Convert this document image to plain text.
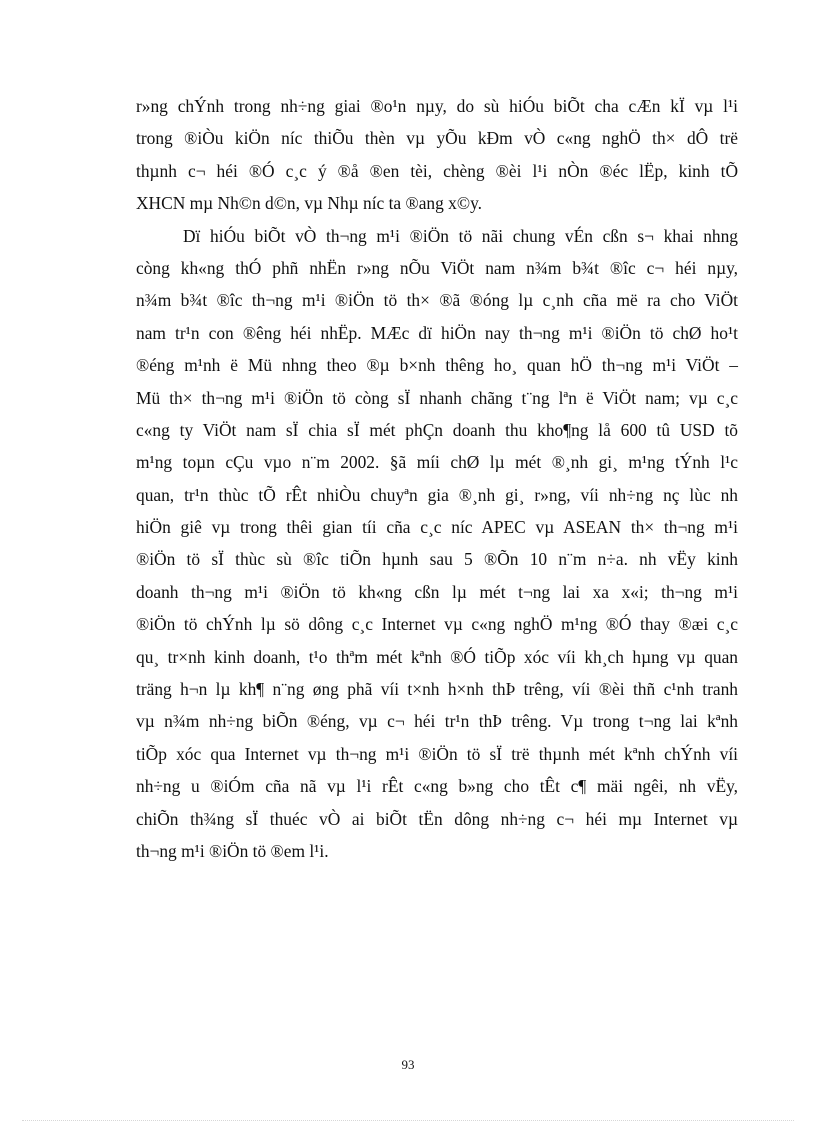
r»ng chÝnh trong nh÷ng giai ®o¹n nµy, do sù hiÓu biÕt cha cÆn kÏ vµ l¹i
trong ®iÒu kiÖn níc thiÕu thèn vµ yÕu kÐm vÒ c«ng nghÖ th× dÔ trë
thµnh c¬ héi ®Ó c¸c ý ®å ®en tèi, chèng ®èi l¹i nÒn ®éc lËp, kinh tÕ
XHCN mµ Nh©n d©n, vµ Nhµ níc ta ®ang x©y.
Dï hiÓu biÕt vÒ th¬ng m¹i ®iÖn tö nãi chung vÉn cßn s¬ khai nhng
còng kh«ng thÓ phñ nhËn r»ng nÕu ViÖt nam n¾m b¾t ®îc c¬ héi nµy,
n¾m b¾t ®îc th¬ng m¹i ®iÖn tö th× ®ã ®óng lµ c¸nh cña më ra cho ViÖt
nam tr¹n con ®êng héi nhËp. MÆc dï hiÖn nay th¬ng m¹i ®iÖn tö chØ ho¹t
®éng m¹nh ë Mü nhng theo ®µ b×nh thêng ho¸ quan hÖ th¬ng m¹i ViÖt –
Mü th× th¬ng m¹i ®iÖn tö còng sÏ nhanh chãng t¨ng lªn ë ViÖt nam; vµ c¸c
c«ng ty ViÖt nam sÏ chia sÏ mét phÇn doanh thu kho¶ng lå 600 tû USD tõ
m¹ng toµn cÇu vµo n¨m 2002. §ã míi chØ lµ mét ®¸nh gi¸ m¹ng tÝnh l¹c
quan, tr¹n thùc tÕ rÊt nhiÒu chuyªn gia ®¸nh gi¸ r»ng, víi nh÷ng nç lùc nh
hiÖn giê vµ trong thêi gian tíi cña c¸c níc APEC vµ ASEAN th× th¬ng m¹i
®iÖn tö sÏ thùc sù ®îc tiÕn hµnh sau 5 ®Õn 10 n¨m n÷a. nh vËy kinh
doanh th¬ng m¹i ®iÖn tö kh«ng cßn lµ mét t¬ng lai xa x«i; th¬ng m¹i
®iÖn tö chÝnh lµ sö dông c¸c Internet vµ c«ng nghÖ m¹ng ®Ó thay ®æi c¸c
qu¸ tr×nh kinh doanh, t¹o thªm mét kªnh ®Ó tiÕp xóc víi kh¸ch hµng vµ quan
träng h¬n lµ kh¶ n¨ng øng phã víi t×nh h×nh thÞ trêng, víi ®èi thñ c¹nh tranh
vµ n¾m nh÷ng biÕn ®éng, vµ c¬ héi tr¹n thÞ trêng. Vµ trong t¬ng lai kªnh
tiÕp xóc qua Internet vµ th¬ng m¹i ®iÖn tö sÏ trë thµnh mét kªnh chÝnh víi
nh÷ng u ®iÓm cña nã vµ l¹i rÊt c«ng b»ng cho tÊt c¶ mäi ngêi, nh vËy,
chiÕn th¾ng sÏ thuéc vÒ ai biÕt tËn dông nh÷ng c¬ héi mµ Internet vµ
th¬ng m¹i ®iÖn tö ®em l¹i.
93
